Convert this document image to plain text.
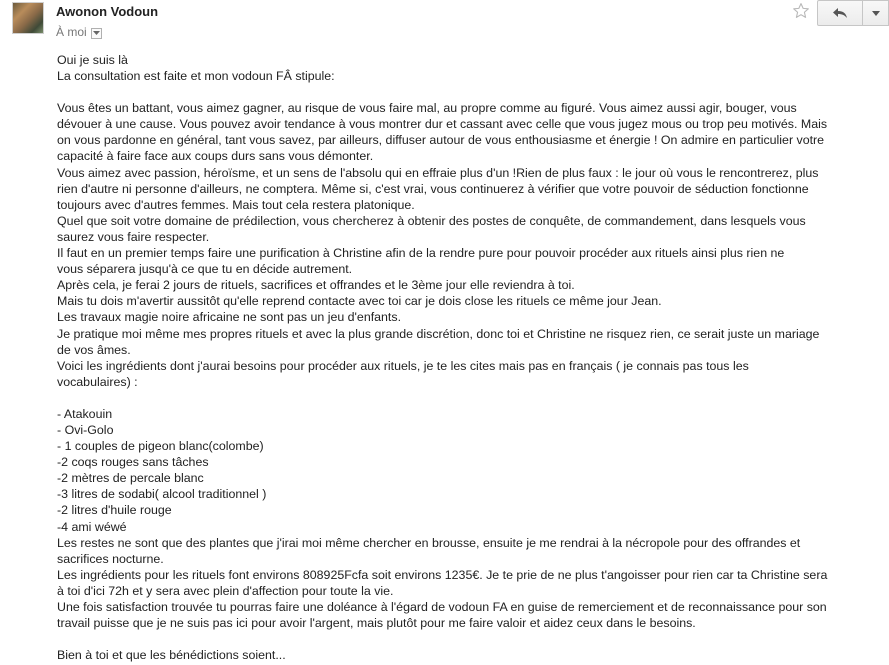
Awonon Vodoun
À moi

Oui je suis là

La consultation est faite et mon vodoun FÂ stipule:

Vous êtes un battant, vous aimez gagner, au risque de vous faire mal, au propre comme au figuré. Vous aimez aussi agir, bouger, vous

dévouer à une cause. Vous pouvez avoir tendance à vous montrer dur et cassant avec celle que vous jugez mous ou trop peu motivés. Mais

on vous pardonne en général, tant vous savez, par ailleurs, diffuser autour de vous enthousiasme et énergie ! On admire en particulier votre

capacité à faire face aux coups durs sans vous démonter.

Vous aimez avec passion, héroïsme, et un sens de l'absolu qui en effraie plus d'un !Rien de plus faux : le jour où vous le rencontrerez, plus

rien d'autre ni personne d'ailleurs, ne comptera. Même si, c'est vrai, vous continuerez à vérifier que votre pouvoir de séduction fonctionne

toujours avec d'autres femmes. Mais tout cela restera platonique.

Quel que soit votre domaine de prédilection, vous chercherez à obtenir des postes de conquête, de commandement, dans lesquels vous

saurez vous faire respecter.

Il faut en un premier temps faire une purification à Christine afin de la rendre pure pour pouvoir procéder aux rituels ainsi plus rien ne

vous séparera jusqu'à ce que tu en décide autrement.

Après cela, je ferai 2 jours de rituels, sacrifices et offrandes et le 3ème jour elle reviendra à toi.

Mais tu dois m'avertir aussitôt qu'elle reprend contacte avec toi car je dois close les rituels ce même jour Jean.

Les travaux magie noire africaine ne sont pas un jeu d'enfants.

Je pratique moi même mes propres rituels et avec la plus grande discrétion, donc toi et Christine ne risquez rien, ce serait juste un mariage

de vos âmes.

Voici les ingrédients dont j'aurai besoins pour procéder aux rituels, je te les cites mais pas en français ( je connais pas tous les

vocabulaires) :

- Atakouin

- Ovi-Golo

- 1 couples de pigeon blanc(colombe)

-2 coqs rouges sans tâches

-2 mètres de percale blanc

-3 litres de sodabi( alcool traditionnel )

-2 litres d'huile rouge

-4 ami wéwé

Les restes ne sont que des plantes que j'irai moi même chercher en brousse, ensuite je me rendrai à la nécropole pour des offrandes et

sacrifices nocturne.

Les ingrédients pour les rituels font environs 808925Fcfa soit environs 1235€. Je te prie de ne plus t'angoisser pour rien car ta Christine sera

à toi d'ici 72h et y sera avec plein d'affection pour toute la vie.

Une fois satisfaction trouvée tu pourras faire une doléance à l'égard de vodoun FA en guise de remerciement et de reconnaissance pour son

travail puisse que je ne suis pas ici pour avoir l'argent, mais plutôt pour me faire valoir et aidez ceux dans le besoins.

Bien à toi et que les bénédictions soient...
